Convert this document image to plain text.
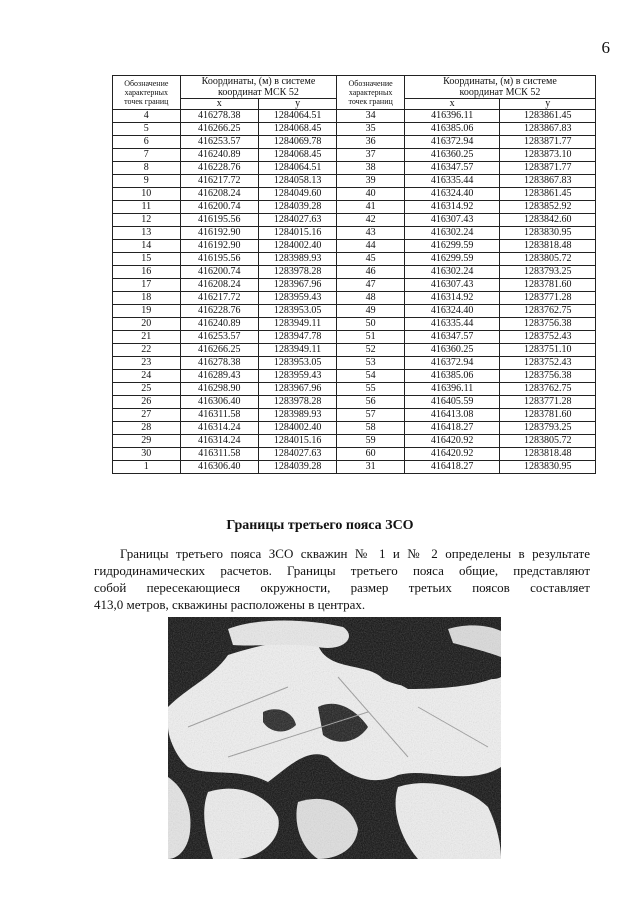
6
Обозначение
характерных
точек границ	Координаты, (м) в системе
координат МСК 52		Обозначение
характерных
точек границ	Координаты, (м) в системе
координат МСК 52	
	x	y		x	y
4	416278.38	1284064.51	34	416396.11	1283861.45
5	416266.25	1284068.45	35	416385.06	1283867.83
6	416253.57	1284069.78	36	416372.94	1283871.77
7	416240.89	1284068.45	37	416360.25	1283873.10
8	416228.76	1284064.51	38	416347.57	1283871.77
9	416217.72	1284058.13	39	416335.44	1283867.83
10	416208.24	1284049.60	40	416324.40	1283861.45
11	416200.74	1284039.28	41	416314.92	1283852.92
12	416195.56	1284027.63	42	416307.43	1283842.60
13	416192.90	1284015.16	43	416302.24	1283830.95
14	416192.90	1284002.40	44	416299.59	1283818.48
15	416195.56	1283989.93	45	416299.59	1283805.72
16	416200.74	1283978.28	46	416302.24	1283793.25
17	416208.24	1283967.96	47	416307.43	1283781.60
18	416217.72	1283959.43	48	416314.92	1283771.28
19	416228.76	1283953.05	49	416324.40	1283762.75
20	416240.89	1283949.11	50	416335.44	1283756.38
21	416253.57	1283947.78	51	416347.57	1283752.43
22	416266.25	1283949.11	52	416360.25	1283751.10
23	416278.38	1283953.05	53	416372.94	1283752.43
24	416289.43	1283959.43	54	416385.06	1283756.38
25	416298.90	1283967.96	55	416396.11	1283762.75
26	416306.40	1283978.28	56	416405.59	1283771.28
27	416311.58	1283989.93	57	416413.08	1283781.60
28	416314.24	1284002.40	58	416418.27	1283793.25
29	416314.24	1284015.16	59	416420.92	1283805.72
30	416311.58	1284027.63	60	416420.92	1283818.48
1	416306.40	1284039.28	31	416418.27	1283830.95
Границы третьего пояса ЗСО

Границы третьего пояса ЗСО скважин № 1 и № 2 определены в результате
гидродинамических расчетов. Границы третьего пояса общие, представляют
собой пересекающиеся окружности, размер третьих поясов составляет
413,0 метров, скважины расположены в центрах.
